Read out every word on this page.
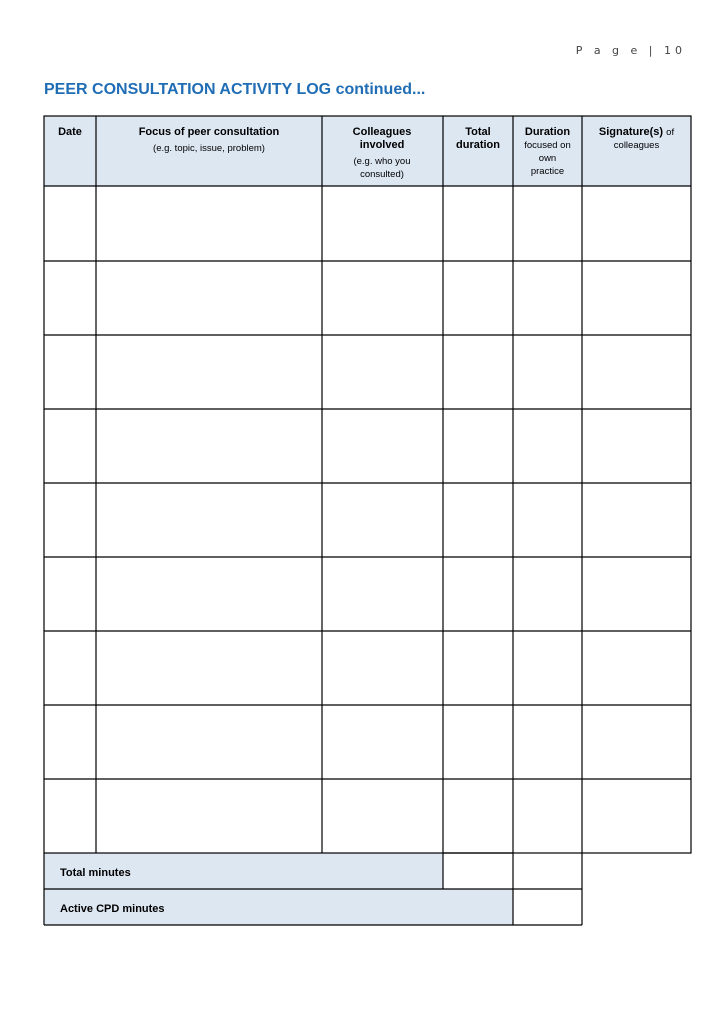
P a g e | 10
PEER CONSULTATION ACTIVITY LOG continued...
Date	Focus of peer consultation
(e.g. topic, issue, problem)
Colleagues involved

(e.g. who you consulted)
Total duration
Duration

focused on own practice
Signature(s) of colleagues
Total minutes
Active CPD minutes
